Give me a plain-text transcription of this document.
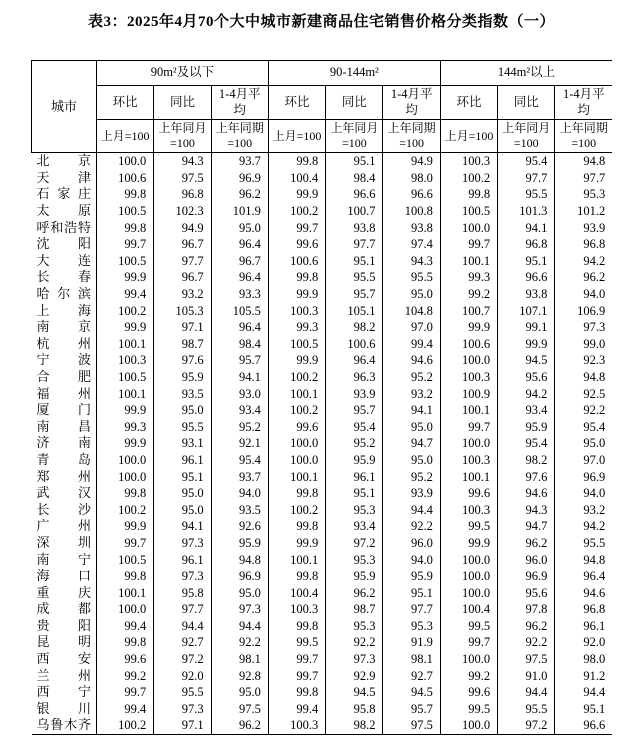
表3：2025年4月70个大中城市新建商品住宅销售价格分类指数（一）
城市	90m²及以下			90-144m²			144m²以上		
	环比	同比	1-4月平均	环比	同比	1-4月平均	环比	同比	1-4月平均
	上月=100	上年同月=100	上年同期=100	上月=100	上年同月=100	上年同期=100	上月=100	上年同月=100	上年同期=100

北 京	100.0	94.3	93.7	99.8	95.1	94.9	100.3	95.4	94.8

天 津	100.6	97.5	96.9	100.4	98.4	98.0	100.2	97.7	97.7

石 家 庄	99.8	96.8	96.2	99.9	96.6	96.6	99.8	95.5	95.3

太 原	100.5	102.3	101.9	100.2	100.7	100.8	100.5	101.3	101.2

呼 和 浩 特	99.8	94.9	95.0	99.7	93.8	93.8	100.0	94.1	93.9

沈 阳	99.7	96.7	96.4	99.6	97.7	97.4	99.7	96.8	96.8

大 连	100.5	97.7	96.7	100.6	95.1	94.3	100.1	95.1	94.2

长 春	99.9	96.7	96.4	99.8	95.5	95.5	99.3	96.6	96.2

哈 尔 滨	99.4	93.2	93.3	99.9	95.7	95.0	99.2	93.8	94.0

上 海	100.2	105.3	105.5	100.3	105.1	104.8	100.7	107.1	106.9

南 京	99.9	97.1	96.4	99.3	98.2	97.0	99.9	99.1	97.3

杭 州	100.1	98.7	98.4	100.5	100.6	99.4	100.6	99.9	99.0

宁 波	100.3	97.6	95.7	99.9	96.4	94.6	100.0	94.5	92.3

合 肥	100.5	95.9	94.1	100.2	96.3	95.2	100.3	95.6	94.8

福 州	100.1	93.5	93.0	100.1	93.9	93.2	100.9	94.2	92.5

厦 门	99.9	95.0	93.4	100.2	95.7	94.1	100.1	93.4	92.2

南 昌	99.3	95.5	95.2	99.6	95.4	95.0	99.7	95.9	95.4

济 南	99.9	93.1	92.1	100.0	95.2	94.7	100.0	95.4	95.0

青 岛	100.0	96.1	95.4	100.0	95.9	95.0	100.3	98.2	97.0

郑 州	100.0	95.1	93.7	100.1	96.1	95.2	100.1	97.6	96.9

武 汉	99.8	95.0	94.0	99.8	95.1	93.9	99.6	94.6	94.0

长 沙	100.2	95.0	93.5	100.2	95.3	94.4	100.3	94.3	93.2

广 州	99.9	94.1	92.6	99.8	93.4	92.2	99.5	94.7	94.2

深 圳	99.7	97.3	95.9	99.9	97.2	96.0	99.9	96.2	95.5

南 宁	100.5	96.1	94.8	100.1	95.3	94.0	100.0	96.0	94.8

海 口	99.8	97.3	96.9	99.8	95.9	95.9	100.0	96.9	96.4

重 庆	100.1	95.8	95.0	100.4	96.2	95.1	100.0	95.6	94.6

成 都	100.0	97.7	97.3	100.3	98.7	97.7	100.4	97.8	96.8

贵 阳	99.4	94.4	94.4	99.8	95.3	95.3	99.5	96.2	96.1

昆 明	99.8	92.7	92.2	99.5	92.2	91.9	99.7	92.2	92.0

西 安	99.6	97.2	98.1	99.7	97.3	98.1	100.0	97.5	98.0

兰 州	99.2	92.0	92.8	99.7	92.9	92.7	99.2	91.0	91.2

西 宁	99.7	95.5	95.0	99.8	94.5	94.5	99.6	94.4	94.4

银 川	99.4	97.3	97.5	99.4	95.8	95.7	99.5	95.5	95.1

乌 鲁 木 齐	100.2	97.1	96.2	100.3	98.2	97.5	100.0	97.2	96.6
